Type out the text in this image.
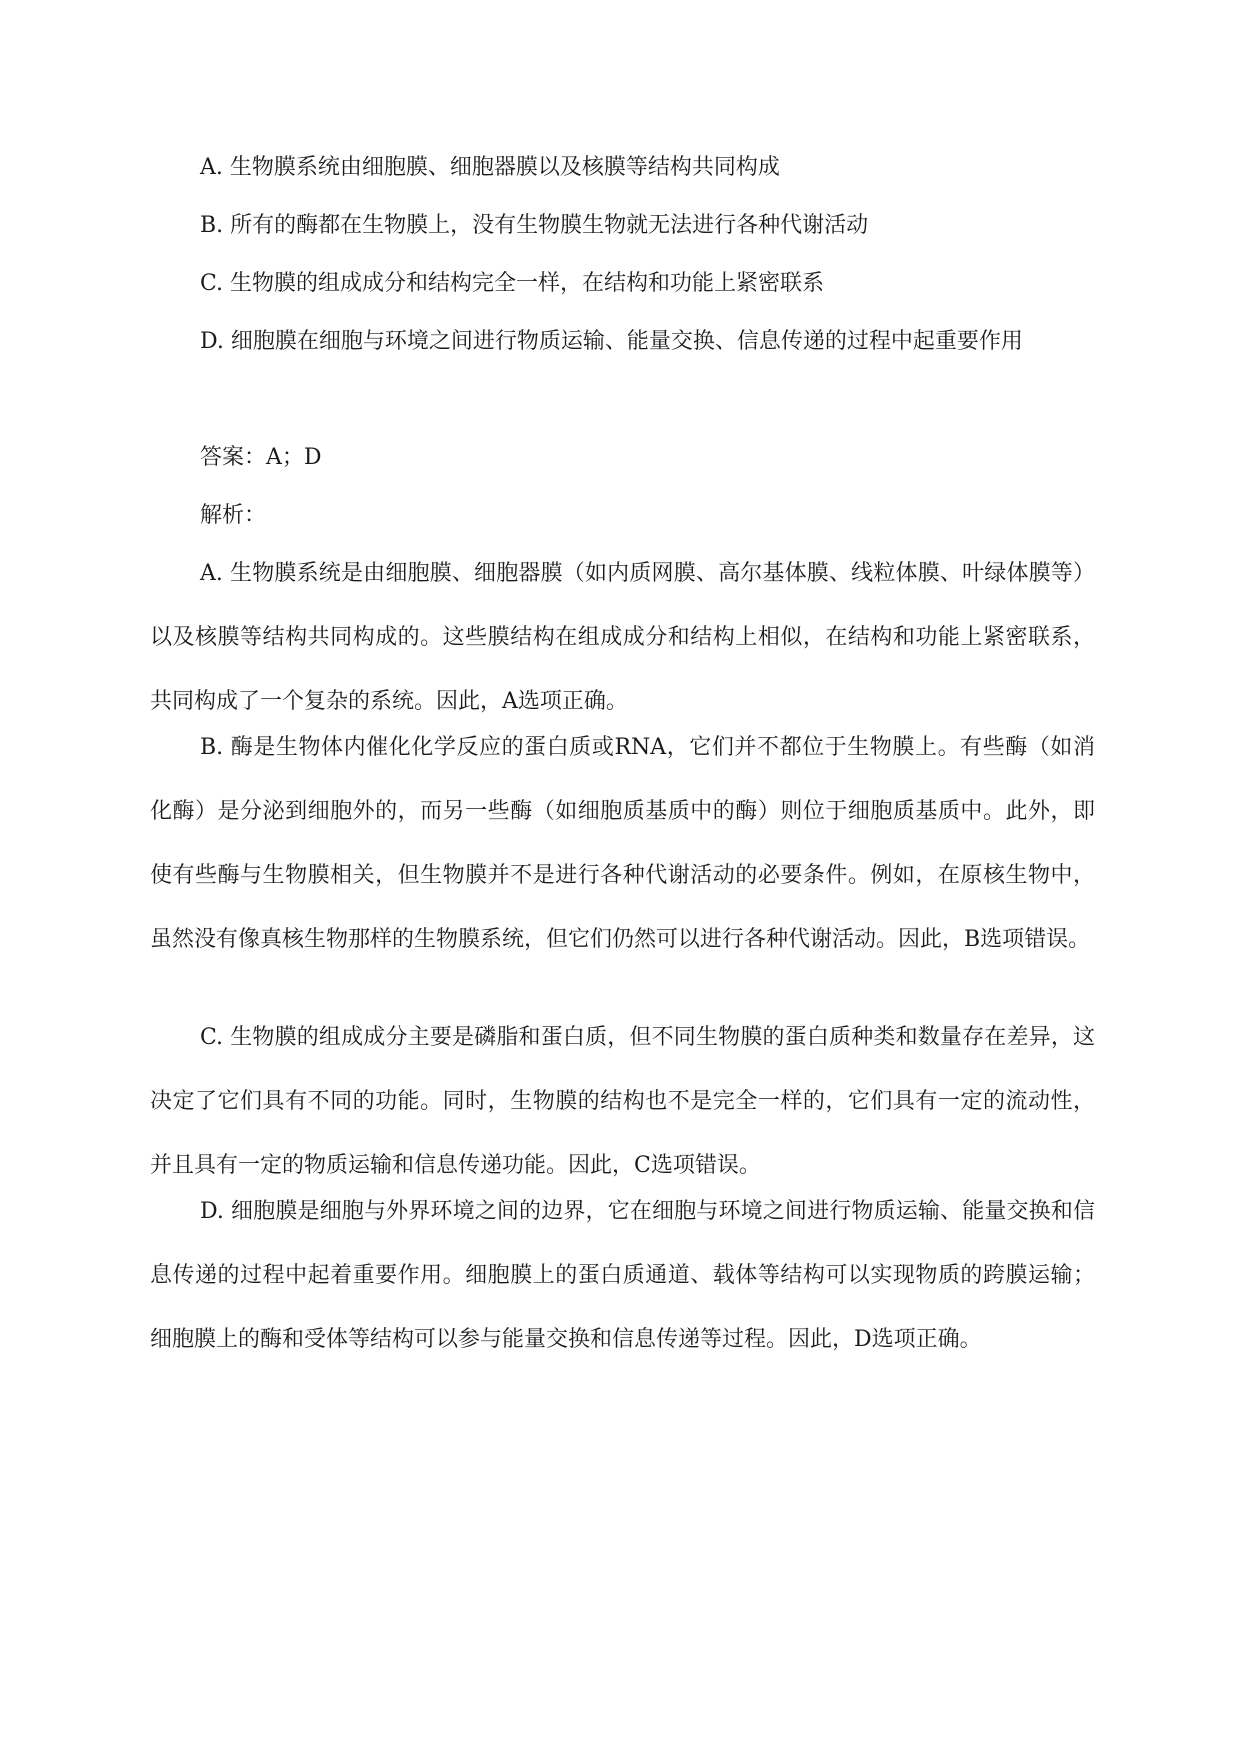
A. 生物膜系统由细胞膜、细胞器膜以及核膜等结构共同构成

B. 所有的酶都在生物膜上，没有生物膜生物就无法进行各种代谢活动

C. 生物膜的组成成分和结构完全一样，在结构和功能上紧密联系

D. 细胞膜在细胞与环境之间进行物质运输、能量交换、信息传递的过程中起重要作用

答案：A；D

解析：

A. 生物膜系统是由细胞膜、细胞器膜（如内质网膜、高尔基体膜、线粒体膜、叶绿体膜等）以及核膜等结构共同构成的。这些膜结构在组成成分和结构上相似，在结构和功能上紧密联系，共同构成了一个复杂的系统。因此，A选项正确。

B. 酶是生物体内催化化学反应的蛋白质或RNA，它们并不都位于生物膜上。有些酶（如消化酶）是分泌到细胞外的，而另一些酶（如细胞质基质中的酶）则位于细胞质基质中。此外，即使有些酶与生物膜相关，但生物膜并不是进行各种代谢活动的必要条件。例如，在原核生物中，虽然没有像真核生物那样的生物膜系统，但它们仍然可以进行各种代谢活动。因此，B选项错误。

C. 生物膜的组成成分主要是磷脂和蛋白质，但不同生物膜的蛋白质种类和数量存在差异，这决定了它们具有不同的功能。同时，生物膜的结构也不是完全一样的，它们具有一定的流动性，并且具有一定的物质运输和信息传递功能。因此，C选项错误。

D. 细胞膜是细胞与外界环境之间的边界，它在细胞与环境之间进行物质运输、能量交换和信息传递的过程中起着重要作用。细胞膜上的蛋白质通道、载体等结构可以实现物质的跨膜运输；细胞膜上的酶和受体等结构可以参与能量交换和信息传递等过程。因此，D选项正确。
